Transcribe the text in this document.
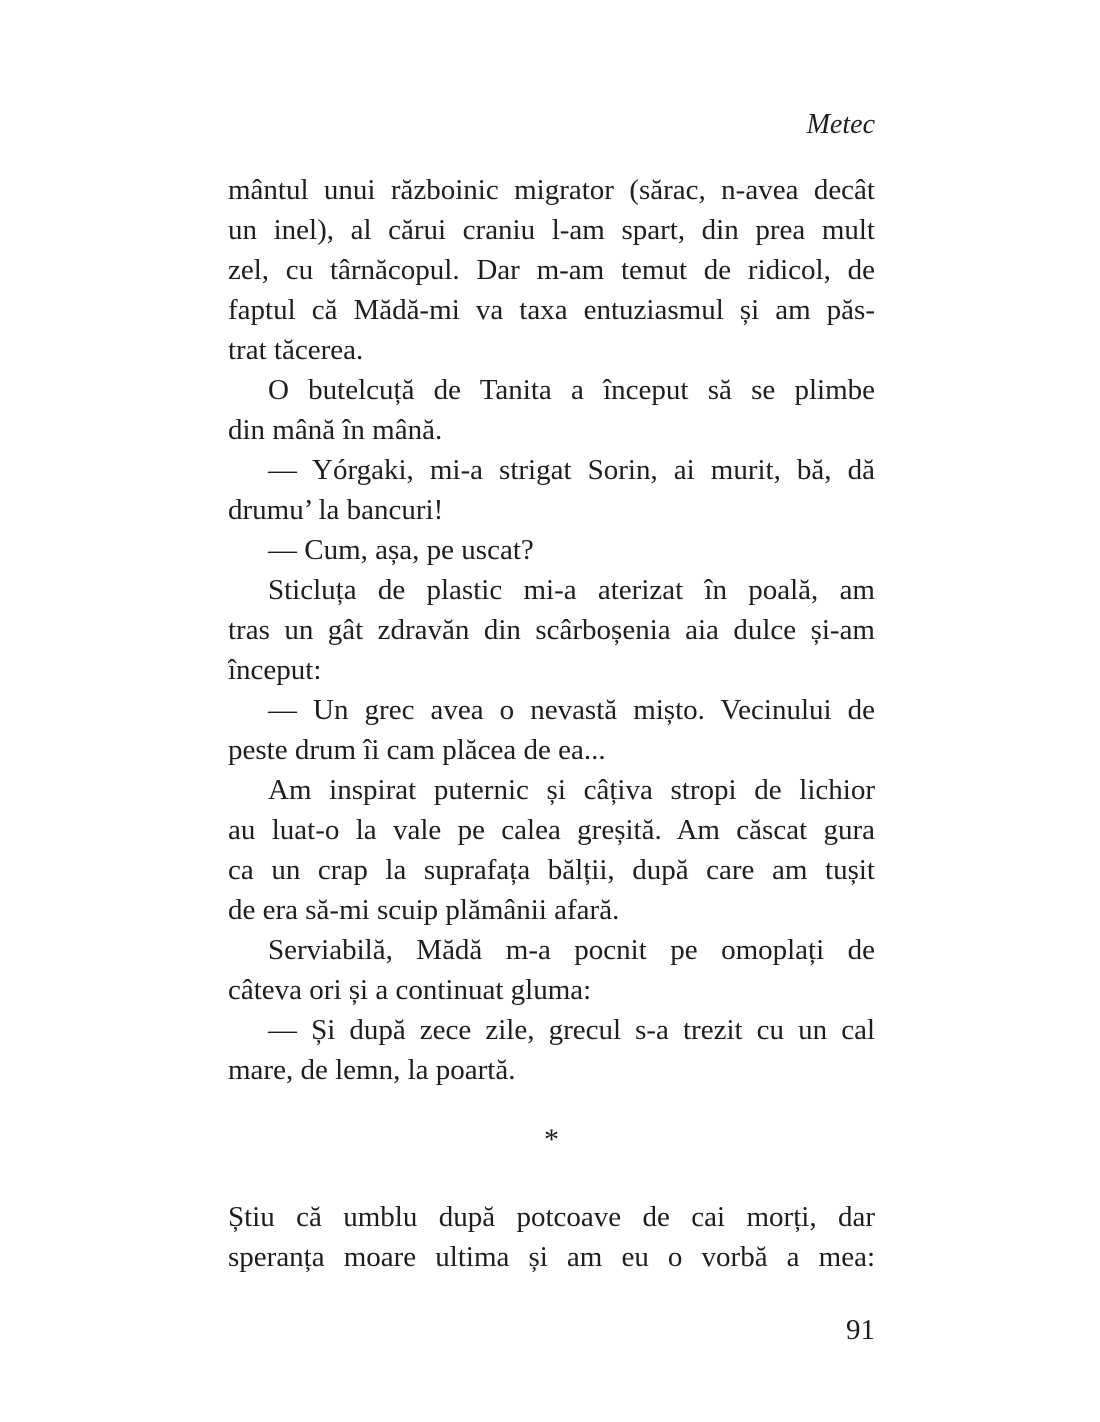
Metec
mântul unui războinic migrator (sărac, n-avea decât
un inel), al cărui craniu l-am spart, din prea mult
zel, cu târnăcopul. Dar m-am temut de ridicol, de
faptul că Mădă-mi va taxa entuziasmul și am păs-
trat tăcerea.
O butelcuță de Tanita a început să se plimbe
din mână în mână.
— Yórgaki, mi-a strigat Sorin, ai murit, bă, dă
drumu’ la bancuri!
— Cum, așa, pe uscat?
Sticluța de plastic mi-a aterizat în poală, am
tras un gât zdravăn din scârboșenia aia dulce și-am
început:
— Un grec avea o nevastă mișto. Vecinului de
peste drum îi cam plăcea de ea...
Am inspirat puternic și câțiva stropi de lichior
au luat-o la vale pe calea greșită. Am căscat gura
ca un crap la suprafața bălții, după care am tușit
de era să-mi scuip plămânii afară.
Serviabilă, Mădă m-a pocnit pe omoplați de
câteva ori și a continuat gluma:
— Și după zece zile, grecul s-a trezit cu un cal
mare, de lemn, la poartă.
*
Știu că umblu după potcoave de cai morți, dar
speranța moare ultima și am eu o vorbă a mea:
91
